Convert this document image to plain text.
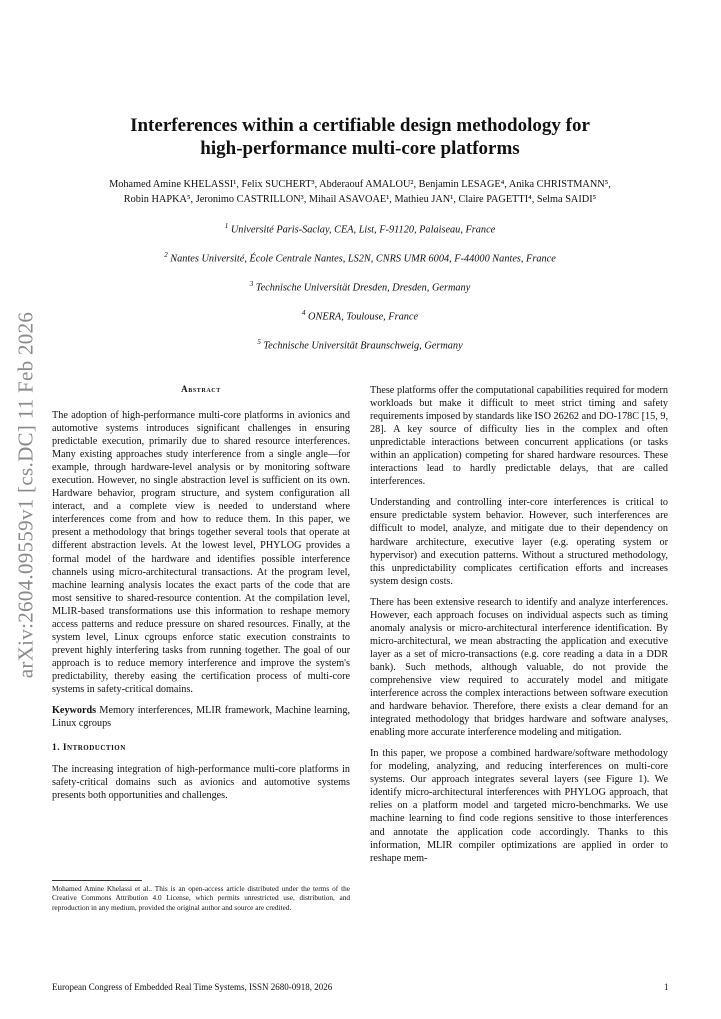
arXiv:2604.09559v1 [cs.DC] 11 Feb 2026
Interferences within a certifiable design methodology for
high-performance multi-core platforms
Mohamed Amine KHELASSI¹, Felix SUCHERT³, Abderaouf AMALOU², Benjamin LESAGE⁴, Anika CHRISTMANN⁵,
Robin HAPKA⁵, Jeronimo CASTRILLON³, Mihail ASAVOAE¹, Mathieu JAN¹, Claire PAGETTI⁴, Selma SAIDI⁵
$^1$ Université Paris-Saclay, CEA, List, F-91120, Palaiseau, France
$^2$ Nantes Université, École Centrale Nantes, LS2N, CNRS UMR 6004, F-44000 Nantes, France
$^3$ Technische Universität Dresden, Dresden, Germany
$^4$ ONERA, Toulouse, France
$^5$ Technische Universität Braunschweig, Germany
Abstract

The adoption of high-performance multi-core platforms in avionics and automotive systems introduces significant challenges in ensuring predictable execution, primarily due to shared resource interferences. Many existing approaches study interference from a single angle—for example, through hardware-level analysis or by monitoring software execution. However, no single abstraction level is sufficient on its own. Hardware behavior, program structure, and system configuration all interact, and a complete view is needed to understand where interferences come from and how to reduce them. In this paper, we present a methodology that brings together several tools that operate at different abstraction levels. At the lowest level, PHYLOG provides a formal model of the hardware and identifies possible interference channels using micro-architectural transactions. At the program level, machine learning analysis locates the exact parts of the code that are most sensitive to shared-resource contention. At the compilation level, MLIR-based transformations use this information to reshape memory access patterns and reduce pressure on shared resources. Finally, at the system level, Linux cgroups enforce static execution constraints to prevent highly interfering tasks from running together. The goal of our approach is to reduce memory interference and improve the system's predictability, thereby easing the certification process of multi-core systems in safety-critical domains.

Keywords Memory interferences, MLIR framework, Machine learning, Linux cgroups

1. Introduction

The increasing integration of high-performance multi-core platforms in safety-critical domains such as avionics and automotive systems presents both opportunities and challenges.

Mohamed Amine Khelassi et al.. This is an open-access article distributed under the terms of the Creative Commons Attribution 4.0 License, which permits unrestricted use, distribution, and reproduction in any medium, provided the original author and source are credited.

These platforms offer the computational capabilities required for modern workloads but make it difficult to meet strict timing and safety requirements imposed by standards like ISO 26262 and DO-178C [15, 9, 28]. A key source of difficulty lies in the complex and often unpredictable interactions between concurrent applications (or tasks within an application) competing for shared hardware resources. These interactions lead to hardly predictable delays, that are called interferences.

Understanding and controlling inter-core interferences is critical to ensure predictable system behavior. However, such interferences are difficult to model, analyze, and mitigate due to their dependency on hardware architecture, executive layer (e.g. operating system or hypervisor) and execution patterns. Without a structured methodology, this unpredictability complicates certification efforts and increases system design costs.

There has been extensive research to identify and analyze interferences. However, each approach focuses on individual aspects such as timing anomaly analysis or micro-architectural interference identification. By micro-architectural, we mean abstracting the application and executive layer as a set of micro-transactions (e.g. core reading a data in a DDR bank). Such methods, although valuable, do not provide the comprehensive view required to accurately model and mitigate interference across the complex interactions between software execution and hardware behavior. Therefore, there exists a clear demand for an integrated methodology that bridges hardware and software analyses, enabling more accurate interference modeling and mitigation.

In this paper, we propose a combined hardware/software methodology for modeling, analyzing, and reducing interferences on multi-core systems. Our approach integrates several layers (see Figure 1). We identify micro-architectural interferences with PHYLOG approach, that relies on a platform model and targeted micro-benchmarks. We use machine learning to find code regions sensitive to those interferences and annotate the application code accordingly. Thanks to this information, MLIR compiler optimizations are applied in order to reshape mem-

European Congress of Embedded Real Time Systems, ISSN 2680-0918, 2026	1
